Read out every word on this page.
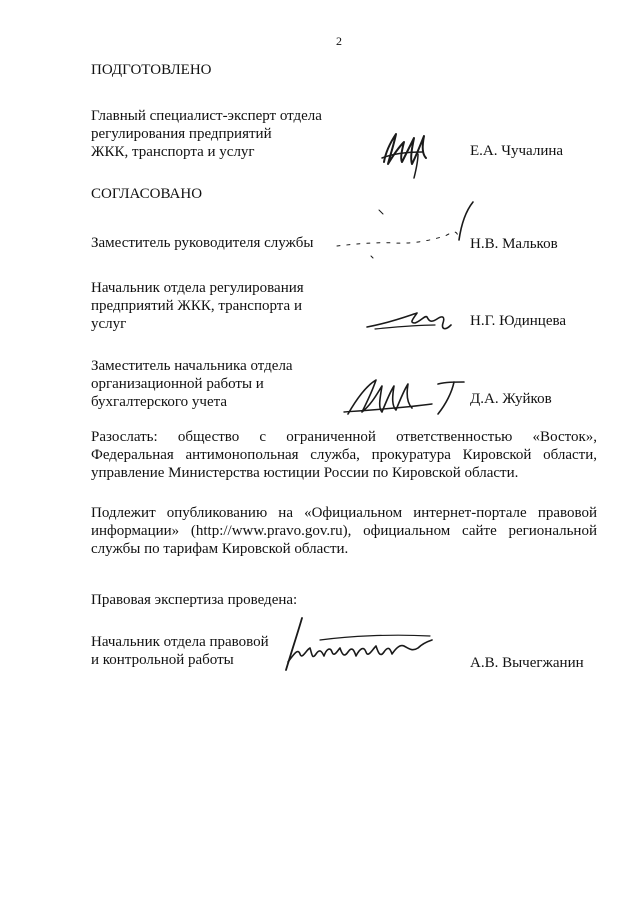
2
ПОДГОТОВЛЕНО
Главный специалист-эксперт отдела
регулирования предприятий
ЖКК, транспорта и услуг	Е.А. Чучалина
СОГЛАСОВАНО
Заместитель руководителя службы	Н.В. Мальков
Начальник отдела регулирования
предприятий ЖКК, транспорта и
услуг	Н.Г. Юдинцева
Заместитель начальника отдела
организационной работы и
бухгалтерского учета	Д.А. Жуйков
Разослать: общество с ограниченной ответственностью «Восток», Федеральная антимонопольная служба, прокуратура Кировской области, управление Министерства юстиции России по Кировской области.
Подлежит опубликованию на «Официальном интернет-портале правовой информации» (http://www.pravo.gov.ru), официальном сайте региональной службы по тарифам Кировской области.
Правовая экспертиза проведена:
Начальник отдела правовой
и контрольной работы	А.В. Вычегжанин
